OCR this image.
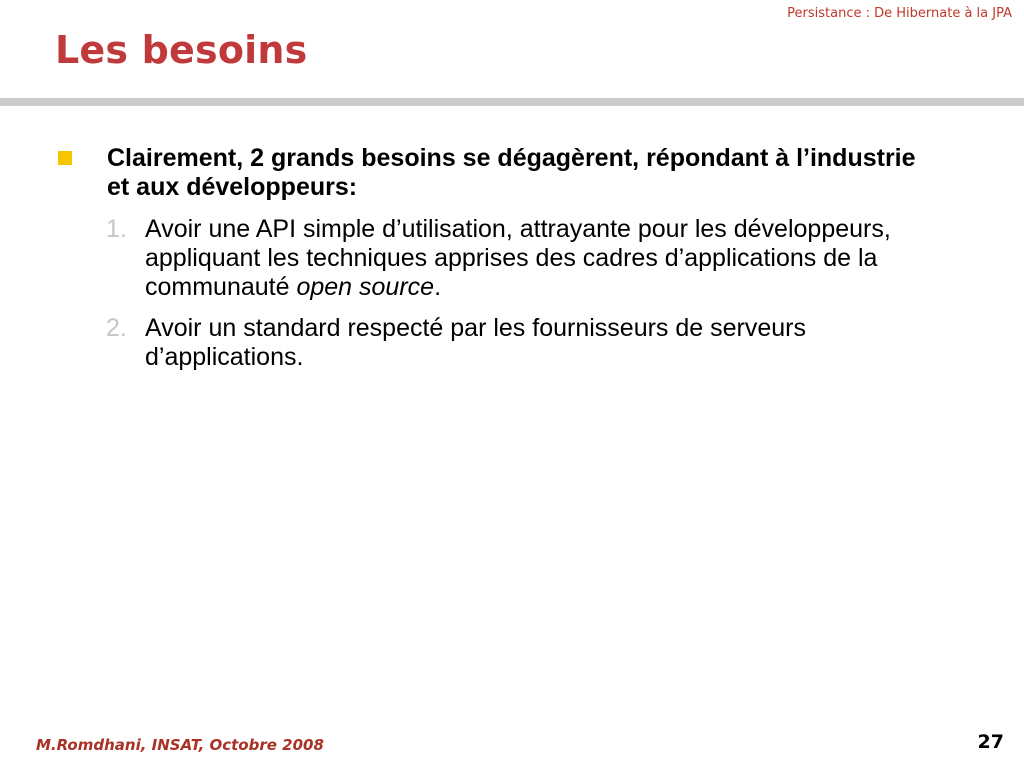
Persistance : De Hibernate à la JPA
Les besoins
Clairement, 2 grands besoins se dégagèrent, répondant à l’industrie et aux développeurs:
1. Avoir une API simple d’utilisation, attrayante pour les développeurs, appliquant les techniques apprises des cadres d’applications de la communauté open source.
2. Avoir un standard respecté par les fournisseurs de serveurs d’applications.
M.Romdhani, INSAT, Octobre 2008	27
